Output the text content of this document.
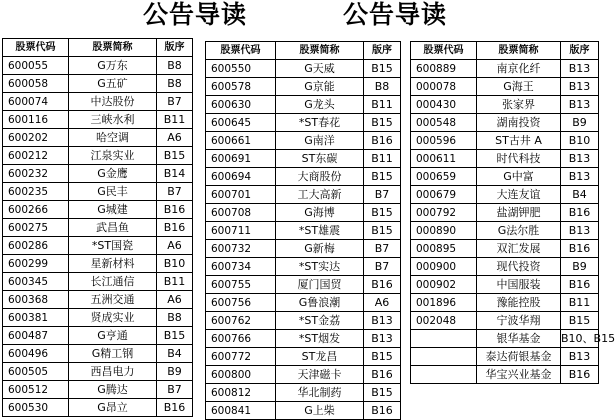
公告导读	公告导读
股票代码	股票简称	版序
600055	G万东	B8
600058	G五矿	B8
600074	中达股份	B7
600116	三峡水利	B11
600202	哈空调	A6
600212	江泉实业	B15
600232	G金鹰	B14
600235	G民丰	B7
600266	G城建	B16
600275	武昌鱼	B16
600286	*ST国瓷	A6
600299	星新材料	B10
600345	长江通信	B11
600368	五洲交通	A6
600381	贤成实业	B8
600487	G亨通	B15
600496	G精工钢	B4
600505	西昌电力	B9
600512	G腾达	B7
600530	G昂立	B16
股票代码	股票简称	版序
600550	G天威	B15
600578	G京能	B8
600630	G龙头	B11
600645	*ST春花	B15
600661	G南洋	B16
600691	ST东碳	B11
600694	大商股份	B15
600701	工大高新	B7
600708	G海博	B15
600711	*ST雄震	B15
600732	G新梅	B7
600734	*ST实达	B7
600755	厦门国贸	B16
600756	G鲁浪潮	A6
600762	*ST金荔	B13
600766	*ST烟发	B13
600772	ST龙昌	B15
600800	天津磁卡	B16
600812	华北制药	B15
600841	G上柴	B16
股票代码	股票简称	版序
600889	南京化纤	B13
000078	G海王	B13
000430	张家界	B13
000548	湖南投资	B9
000596	ST古井 A	B10
000611	时代科技	B13
000659	G中富	B13
000679	大连友谊	B4
000792	盐湖钾肥	B16
000890	G法尔胜	B13
000895	双汇发展	B16
000900	现代投资	B9
000902	中国服装	B16
001896	豫能控股	B11
002048	宁波华翔	B15
	银华基金	B10、B15
	泰达荷银基金	B13
	华宝兴业基金	B16
